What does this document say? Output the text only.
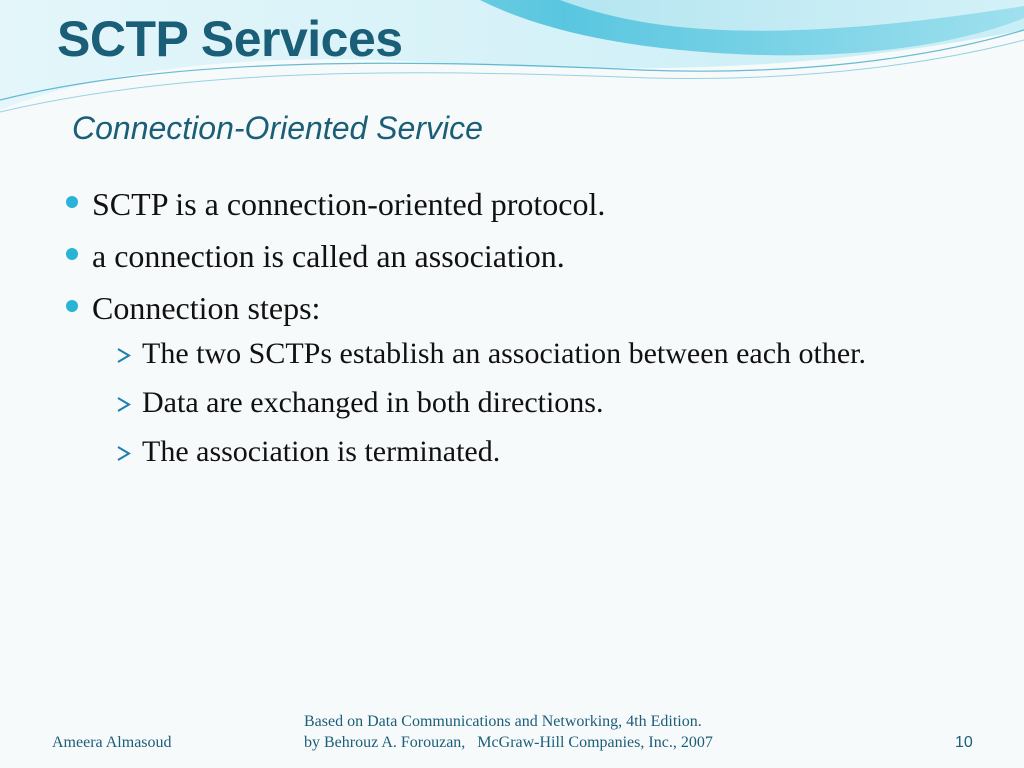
SCTP Services
Connection-Oriented Service
SCTP is a connection-oriented protocol.
a connection is called an association.
Connection steps:
The two SCTPs establish an association between each other.
Data are exchanged in both directions.
The association is terminated.
Ameera Almasoud
Based on Data Communications and Networking, 4th Edition.
by Behrouz A. Forouzan,   McGraw-Hill Companies, Inc., 2007	10
